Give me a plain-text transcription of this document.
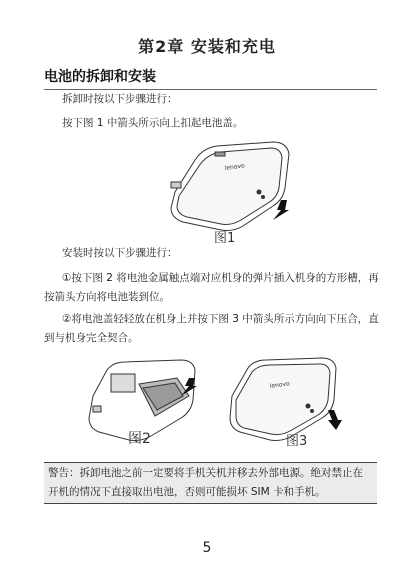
第2章 安装和充电
电池的拆卸和安装
拆卸时按以下步骤进行：
按下图 1 中箭头所示向上扣起电池盖。
lenovo
图1
安装时按以下步骤进行：
①按下图 2 将电池金属触点端对应机身的弹片插入机身的方形槽，再按箭头方向将电池装到位。
②将电池盖轻轻放在机身上并按下图 3 中箭头所示方向向下压合，直到与机身完全契合。
图2
lenovo
图3
警告：拆卸电池之前一定要将手机关机并移去外部电源。绝对禁止在开机的情况下直接取出电池，否则可能损坏 SIM 卡和手机。
5
